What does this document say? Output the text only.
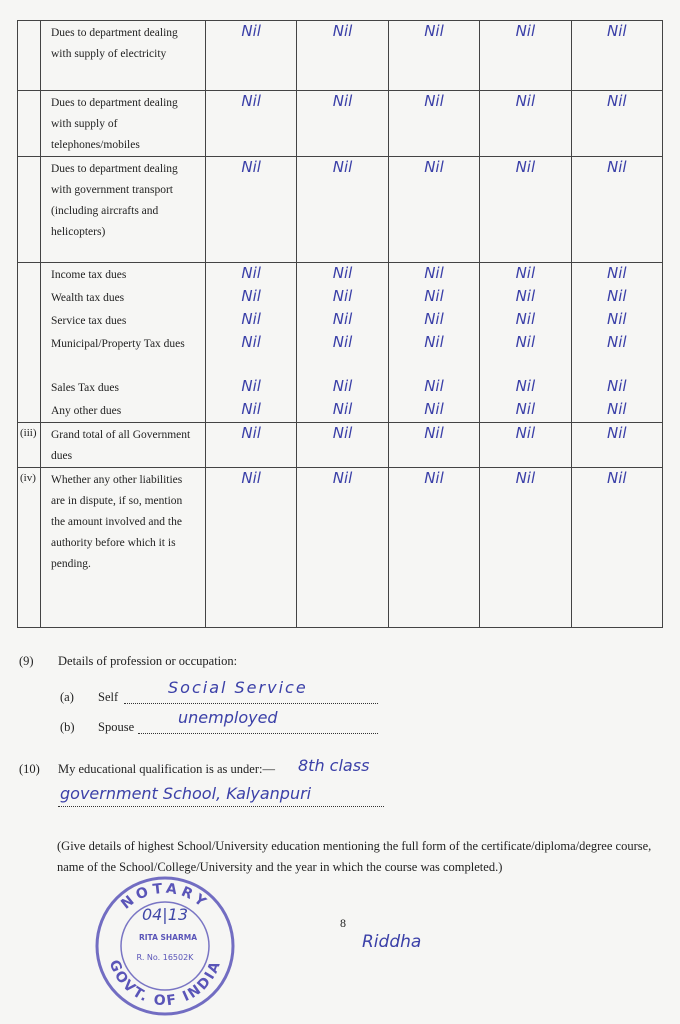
	Dues to department dealing with supply of electricity	Nil	Nil	Nil	Nil	Nil
	Dues to department dealing with supply of telephones/mobiles	Nil	Nil	Nil	Nil	Nil
	Dues to department dealing with government transport (including aircrafts and helicopters)	Nil	Nil	Nil	Nil	Nil
	Income tax dues	Nil	Nil	Nil	Nil	Nil
	Wealth tax dues	Nil	Nil	Nil	Nil	Nil
	Service tax dues	Nil	Nil	Nil	Nil	Nil
	Municipal/Property Tax dues	Nil	Nil	Nil	Nil	Nil
	Sales Tax dues	Nil	Nil	Nil	Nil	Nil
	Any other dues	Nil	Nil	Nil	Nil	Nil
(iii)	Grand total of all Government dues	Nil	Nil	Nil	Nil	Nil
(iv)	Whether any other liabilities are in dispute, if so, mention the amount involved and the authority before which it is pending.	Nil	Nil	Nil	Nil	Nil
(9) Details of profession or occupation:
(a) Self	Social Service
(b) Spouse	unemployed
(10) My educational qualification is as under:— 8th class
government School, Kalyanpuri
(Give details of highest School/University education mentioning the full form of the certificate/diploma/degree course, name of the School/College/University and the year in which the course was completed.)
8
NOTARY
GOVT. OF INDIA
04|13
RITA SHARMA
R. No. 16502K
Riddha
